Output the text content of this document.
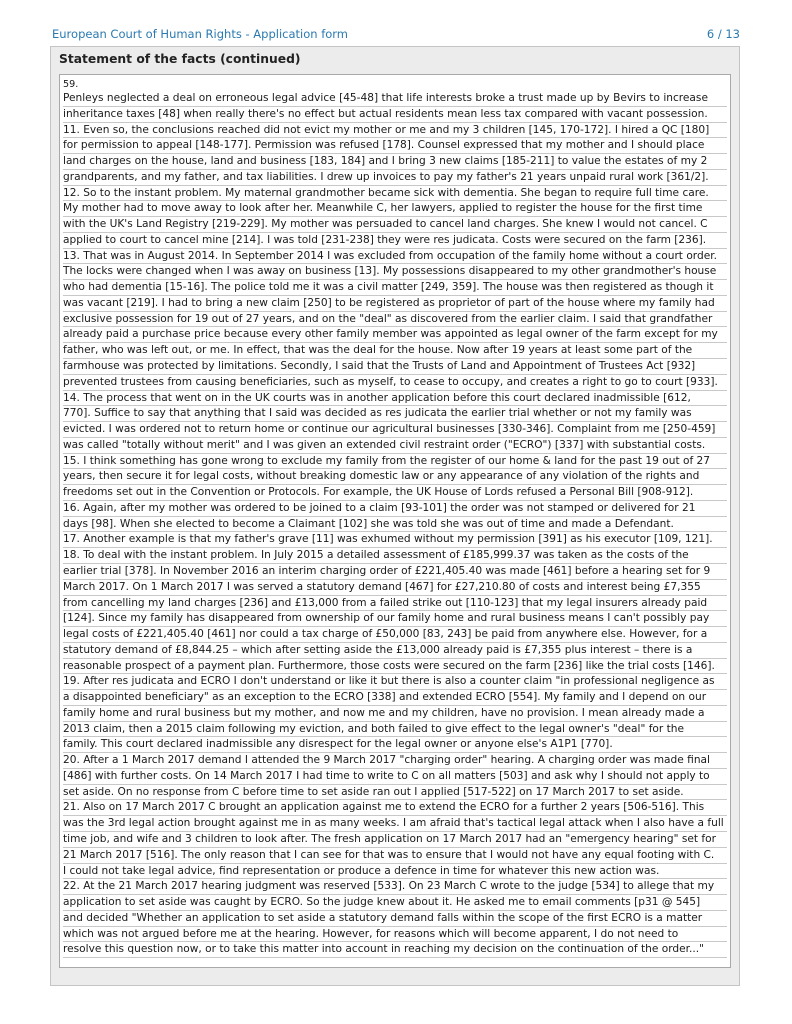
European Court of Human Rights - Application form	6 / 13
Statement of the facts (continued)
59.
Penleys neglected a deal on erroneous legal advice [45-48] that life interests broke a trust made up by Bevirs to increase
inheritance taxes [48] when really there's no effect but actual residents mean less tax compared with vacant possession.
11. Even so, the conclusions reached did not evict my mother or me and my 3 children [145, 170-172]. I hired a QC [180]
for permission to appeal [148-177]. Permission was refused [178]. Counsel expressed that my mother and I should place
land charges on the house, land and business [183, 184] and I bring 3 new claims [185-211] to value the estates of my 2
grandparents, and my father, and tax liabilities. I drew up invoices to pay my father's 21 years unpaid rural work [361/2].
12. So to the instant problem. My maternal grandmother became sick with dementia. She began to require full time care.
My mother had to move away to look after her. Meanwhile C, her lawyers, applied to register the house for the first time
with the UK's Land Registry [219-229]. My mother was persuaded to cancel land charges. She knew I would not cancel. C
applied to court to cancel mine [214]. I was told [231-238] they were res judicata. Costs were secured on the farm [236].
13. That was in August 2014. In September 2014 I was excluded from occupation of the family home without a court order.
The locks were changed when I was away on business [13]. My possessions disappeared to my other grandmother's house
who had dementia [15-16]. The police told me it was a civil matter [249, 359]. The house was then registered as though it
was vacant [219]. I had to bring a new claim [250] to be registered as proprietor of part of the house where my family had
exclusive possession for 19 out of 27 years, and on the "deal" as discovered from the earlier claim. I said that grandfather
already paid a purchase price because every other family member was appointed as legal owner of the farm except for my
father, who was left out, or me. In effect, that was the deal for the house. Now after 19 years at least some part of the
farmhouse was protected by limitations. Secondly, I said that the Trusts of Land and Appointment of Trustees Act [932]
prevented trustees from causing beneficiaries, such as myself, to cease to occupy, and creates a right to go to court [933].
14. The process that went on in the UK courts was in another application before this court declared inadmissible [612,
770]. Suffice to say that anything that I said was decided as res judicata the earlier trial whether or not my family was
evicted. I was ordered not to return home or continue our agricultural businesses [330-346]. Complaint from me [250-459]
was called "totally without merit" and I was given an extended civil restraint order ("ECRO") [337] with substantial costs.
15. I think something has gone wrong to exclude my family from the register of our home & land for the past 19 out of 27
years, then secure it for legal costs, without breaking domestic law or any appearance of any violation of the rights and
freedoms set out in the Convention or Protocols. For example, the UK House of Lords refused a Personal Bill [908-912].
16. Again, after my mother was ordered to be joined to a claim [93-101] the order was not stamped or delivered for 21
days [98]. When she elected to become a Claimant [102] she was told she was out of time and made a Defendant.
17. Another example is that my father's grave [11] was exhumed without my permission [391] as his executor [109, 121].
18. To deal with the instant problem. In July 2015 a detailed assessment of £185,999.37 was taken as the costs of the
earlier trial [378]. In November 2016 an interim charging order of £221,405.40 was made [461] before a hearing set for 9
March 2017. On 1 March 2017 I was served a statutory demand [467] for £27,210.80 of costs and interest being £7,355
from cancelling my land charges [236] and £13,000 from a failed strike out [110-123] that my legal insurers already paid
[124]. Since my family has disappeared from ownership of our family home and rural business means I can't possibly pay
legal costs of £221,405.40 [461] nor could a tax charge of £50,000 [83, 243] be paid from anywhere else. However, for a
statutory demand of £8,844.25 – which after setting aside the £13,000 already paid is £7,355 plus interest – there is a
reasonable prospect of a payment plan. Furthermore, those costs were secured on the farm [236] like the trial costs [146].
19. After res judicata and ECRO I don't understand or like it but there is also a counter claim "in professional negligence as
a disappointed beneficiary" as an exception to the ECRO [338] and extended ECRO [554]. My family and I depend on our
family home and rural business but my mother, and now me and my children, have no provision. I mean already made a
2013 claim, then a 2015 claim following my eviction, and both failed to give effect to the legal owner's "deal" for the
family. This court declared inadmissible any disrespect for the legal owner or anyone else's A1P1 [770].
20. After a 1 March 2017 demand I attended the 9 March 2017 "charging order" hearing. A charging order was made final
[486] with further costs. On 14 March 2017 I had time to write to C on all matters [503] and ask why I should not apply to
set aside. On no response from C before time to set aside ran out I applied [517-522] on 17 March 2017 to set aside.
21. Also on 17 March 2017 C brought an application against me to extend the ECRO for a further 2 years [506-516]. This
was the 3rd legal action brought against me in as many weeks. I am afraid that's tactical legal attack when I also have a full
time job, and wife and 3 children to look after. The fresh application on 17 March 2017 had an "emergency hearing" set for
21 March 2017 [516]. The only reason that I can see for that was to ensure that I would not have any equal footing with C.
I could not take legal advice, find representation or produce a defence in time for whatever this new action was.
22. At the 21 March 2017 hearing judgment was reserved [533]. On 23 March C wrote to the judge [534] to allege that my
application to set aside was caught by ECRO. So the judge knew about it. He asked me to email comments [p31 @ 545]
and decided "Whether an application to set aside a statutory demand falls within the scope of the first ECRO is a matter
which was not argued before me at the hearing. However, for reasons which will become apparent, I do not need to
resolve this question now, or to take this matter into account in reaching my decision on the continuation of the order..."
